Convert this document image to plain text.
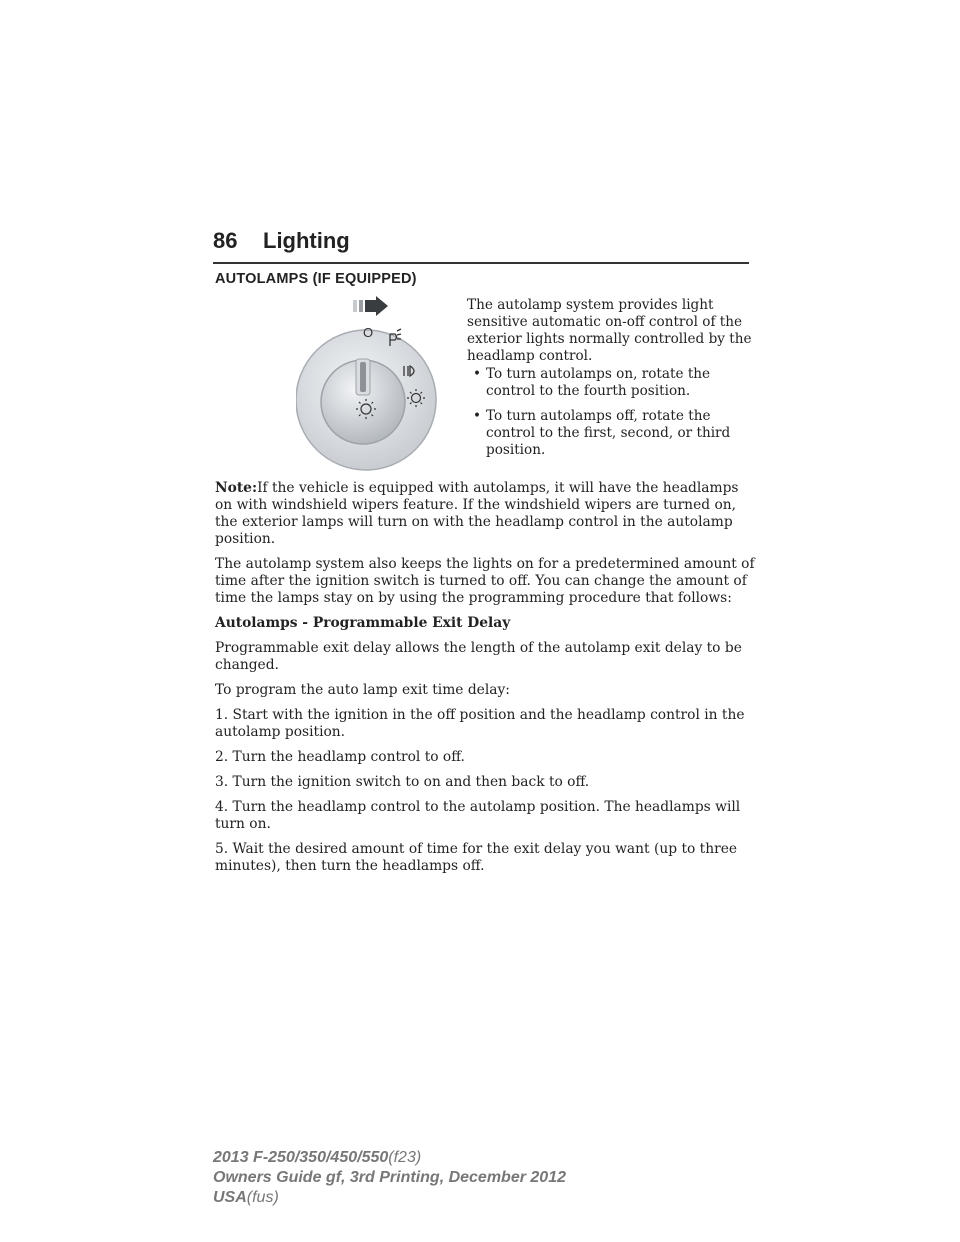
86 Lighting
AUTOLAMPS (IF EQUIPPED)
O
The autolamp system provides light sensitive automatic on-off control of the exterior lights normally controlled by the headlamp control.
• To turn autolamps on, rotate the control to the fourth position.
• To turn autolamps off, rotate the control to the first, second, or third position.

Note:If the vehicle is equipped with autolamps, it will have the headlamps on with windshield wipers feature. If the windshield wipers are turned on, the exterior lamps will turn on with the headlamp control in the autolamp position.

The autolamp system also keeps the lights on for a predetermined amount of time after the ignition switch is turned to off. You can change the amount of time the lamps stay on by using the programming procedure that follows:

Autolamps - Programmable Exit Delay

Programmable exit delay allows the length of the autolamp exit delay to be changed.

To program the auto lamp exit time delay:

1. Start with the ignition in the off position and the headlamp control in the autolamp position.

2. Turn the headlamp control to off.

3. Turn the ignition switch to on and then back to off.

4. Turn the headlamp control to the autolamp position. The headlamps will turn on.

5. Wait the desired amount of time for the exit delay you want (up to three minutes), then turn the headlamps off.

2013 F-250/350/450/550(f23)
Owners Guide gf, 3rd Printing, December 2012
USA(fus)
